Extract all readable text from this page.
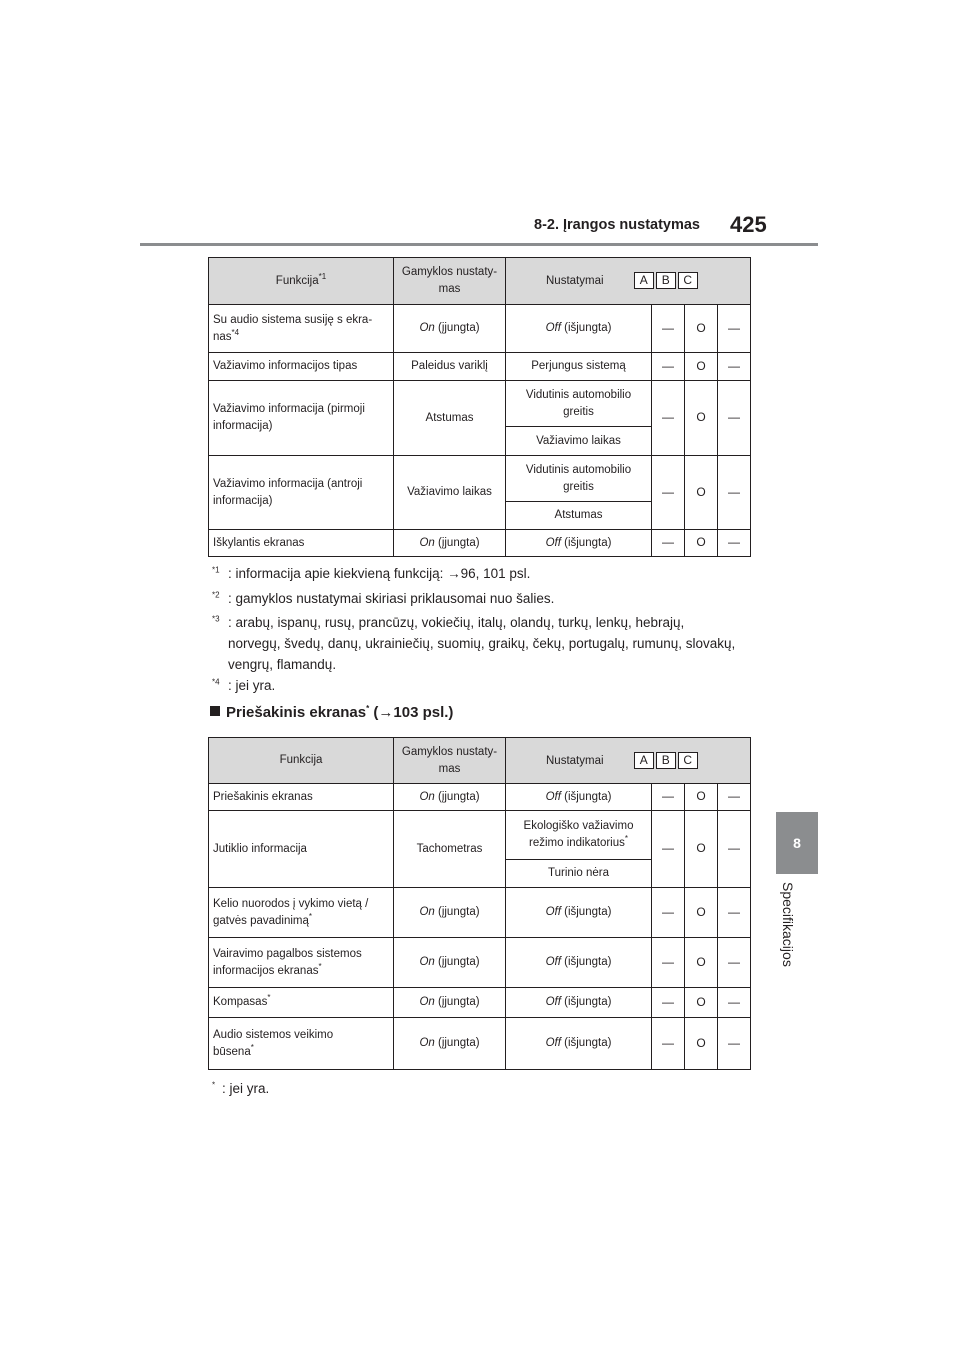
8-2. Įrangos nustatymas 425
8
Specifikacijos
Funkcija$^{*1}$	Gamyklos nustaty-
mas	Nustatymai A B C			
Su audio sistema susiję s ekra-
nas$^{*4}$	On (įjungta)	Off (išjungta)	—	O	—
Važiavimo informacijos tipas	Paleidus variklį	Perjungus sistemą	—	O	—
Važiavimo informacija (pirmoji
informacija)	Atstumas	Vidutinis automobilio
greitis	—	O	—
		Važiavimo laikas			
Važiavimo informacija (antroji
informacija)	Važiavimo laikas	Vidutinis automobilio
greitis	—	O	—
		Atstumas			
Iškylantis ekranas	On (įjungta)	Off (išjungta)	—	O	—
$^{*1}$ : informacija apie kiekvieną funkciją: →96, 101 psl.
$^{*2}$ : gamyklos nustatymai skiriasi priklausomai nuo šalies.
$^{*3}$ : arabų, ispanų, rusų, prancūzų, vokiečių, italų, olandų, turkų, lenkų, hebrajų, norvegų, švedų, danų, ukrainiečių, suomių, graikų, čekų, portugalų, rumunų, slovakų, vengrų, flamandų.
$^{*4}$ : jei yra.
Priešakinis ekranas* (→103 psl.)
Funkcija	Gamyklos nustaty-
mas	Nustatymai A B C			
Priešakinis ekranas	On (įjungta)	Off (išjungta)	—	O	—
Jutiklio informacija	Tachometras	Ekologiško važiavimo
režimo indikatorius*	—	O	—
		Turinio nėra			
Kelio nuorodos į vykimo vietą /
gatvės pavadinimą*	On (įjungta)	Off (išjungta)	—	O	—
Vairavimo pagalbos sistemos
informacijos ekranas*	On (įjungta)	Off (išjungta)	—	O	—
Kompasas*	On (įjungta)	Off (išjungta)	—	O	—
Audio sistemos veikimo
būsena*	On (įjungta)	Off (išjungta)	—	O	—
* : jei yra.
